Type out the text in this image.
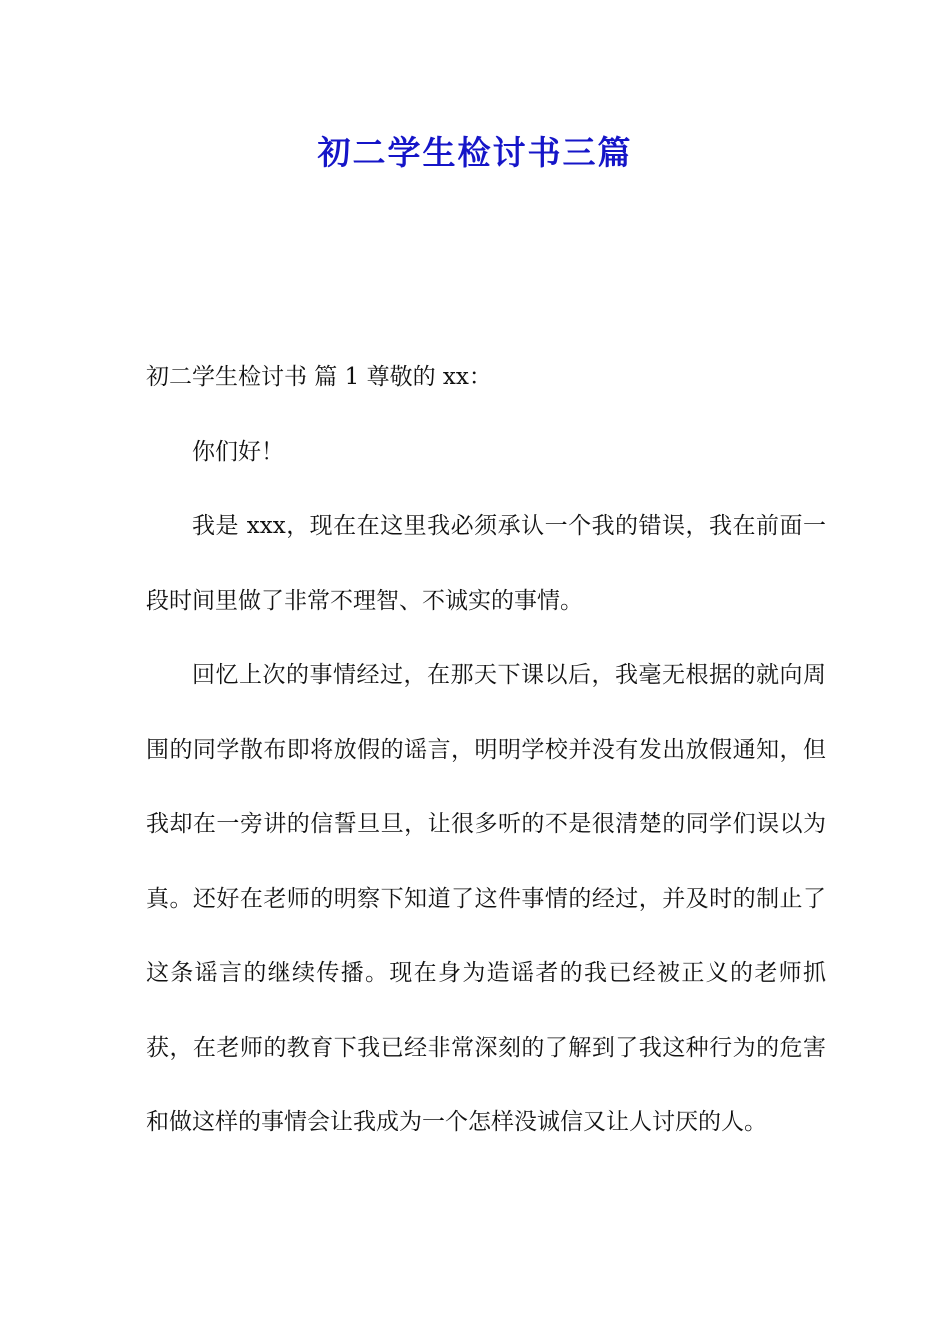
初二学生检讨书三篇

初二学生检讨书 篇 1 尊敬的 xx：

你们好！

我是 xxx，现在在这里我必须承认一个我的错误，我在前面一段时间里做了非常不理智、不诚实的事情。

回忆上次的事情经过，在那天下课以后，我毫无根据的就向周围的同学散布即将放假的谣言，明明学校并没有发出放假通知，但我却在一旁讲的信誓旦旦，让很多听的不是很清楚的同学们误以为真。还好在老师的明察下知道了这件事情的经过，并及时的制止了这条谣言的继续传播。现在身为造谣者的我已经被正义的老师抓获，在老师的教育下我已经非常深刻的了解到了我这种行为的危害和做这样的事情会让我成为一个怎样没诚信又让人讨厌的人。
